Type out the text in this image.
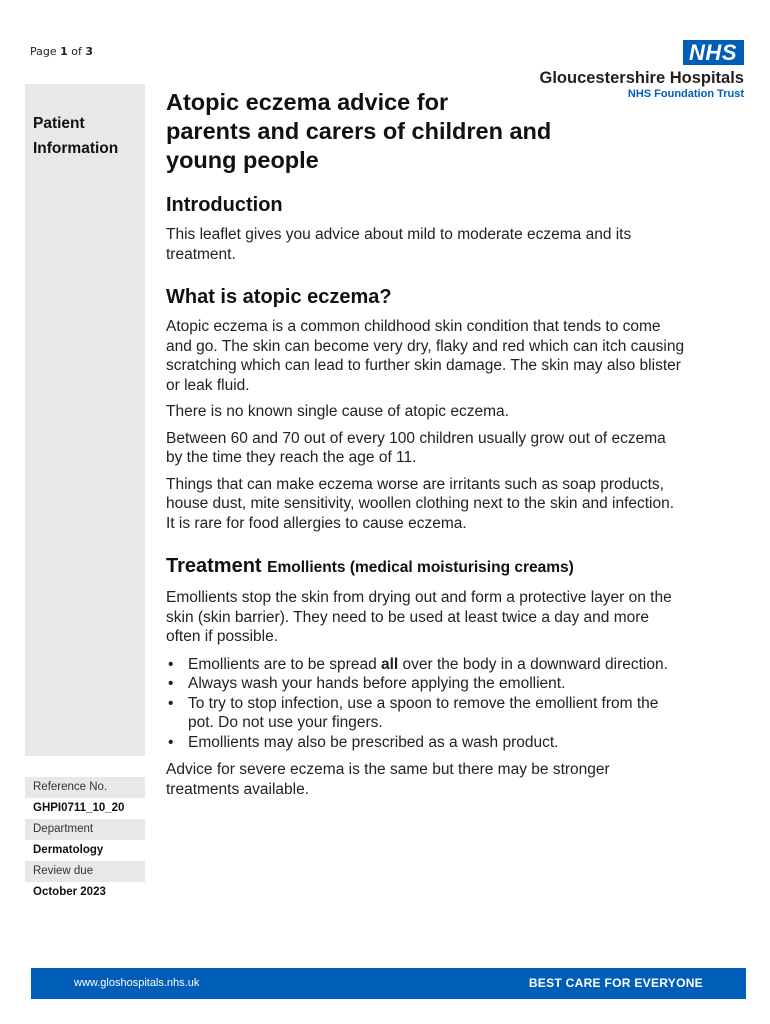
Page 1 of 3	NHS
Gloucestershire Hospitals
NHS Foundation Trust
Patient
Information
Reference No.
GHPI0711_10_20
Department
Dermatology
Review due
October 2023
Atopic eczema advice for
parents and carers of children and
young people
Introduction

This leaflet gives you advice about mild to moderate eczema and its treatment.

What is atopic eczema?

Atopic eczema is a common childhood skin condition that tends to come and go. The skin can become very dry, flaky and red which can itch causing scratching which can lead to further skin damage. The skin may also blister or leak fluid.

There is no known single cause of atopic eczema.

Between 60 and 70 out of every 100 children usually grow out of eczema by the time they reach the age of 11.

Things that can make eczema worse are irritants such as soap products, house dust, mite sensitivity, woollen clothing next to the skin and infection. It is rare for food allergies to cause eczema.

Treatment Emollients (medical moisturising creams)

Emollients stop the skin from drying out and form a protective layer on the skin (skin barrier). They need to be used at least twice a day and more often if possible.

• Emollients are to be spread all over the body in a downward direction.
• Always wash your hands before applying the emollient.
• To try to stop infection, use a spoon to remove the emollient from the pot. Do not use your fingers.
• Emollients may also be prescribed as a wash product.

Advice for severe eczema is the same but there may be stronger treatments available.

www.gloshospitals.nhs.uk	BEST CARE FOR EVERYONE
